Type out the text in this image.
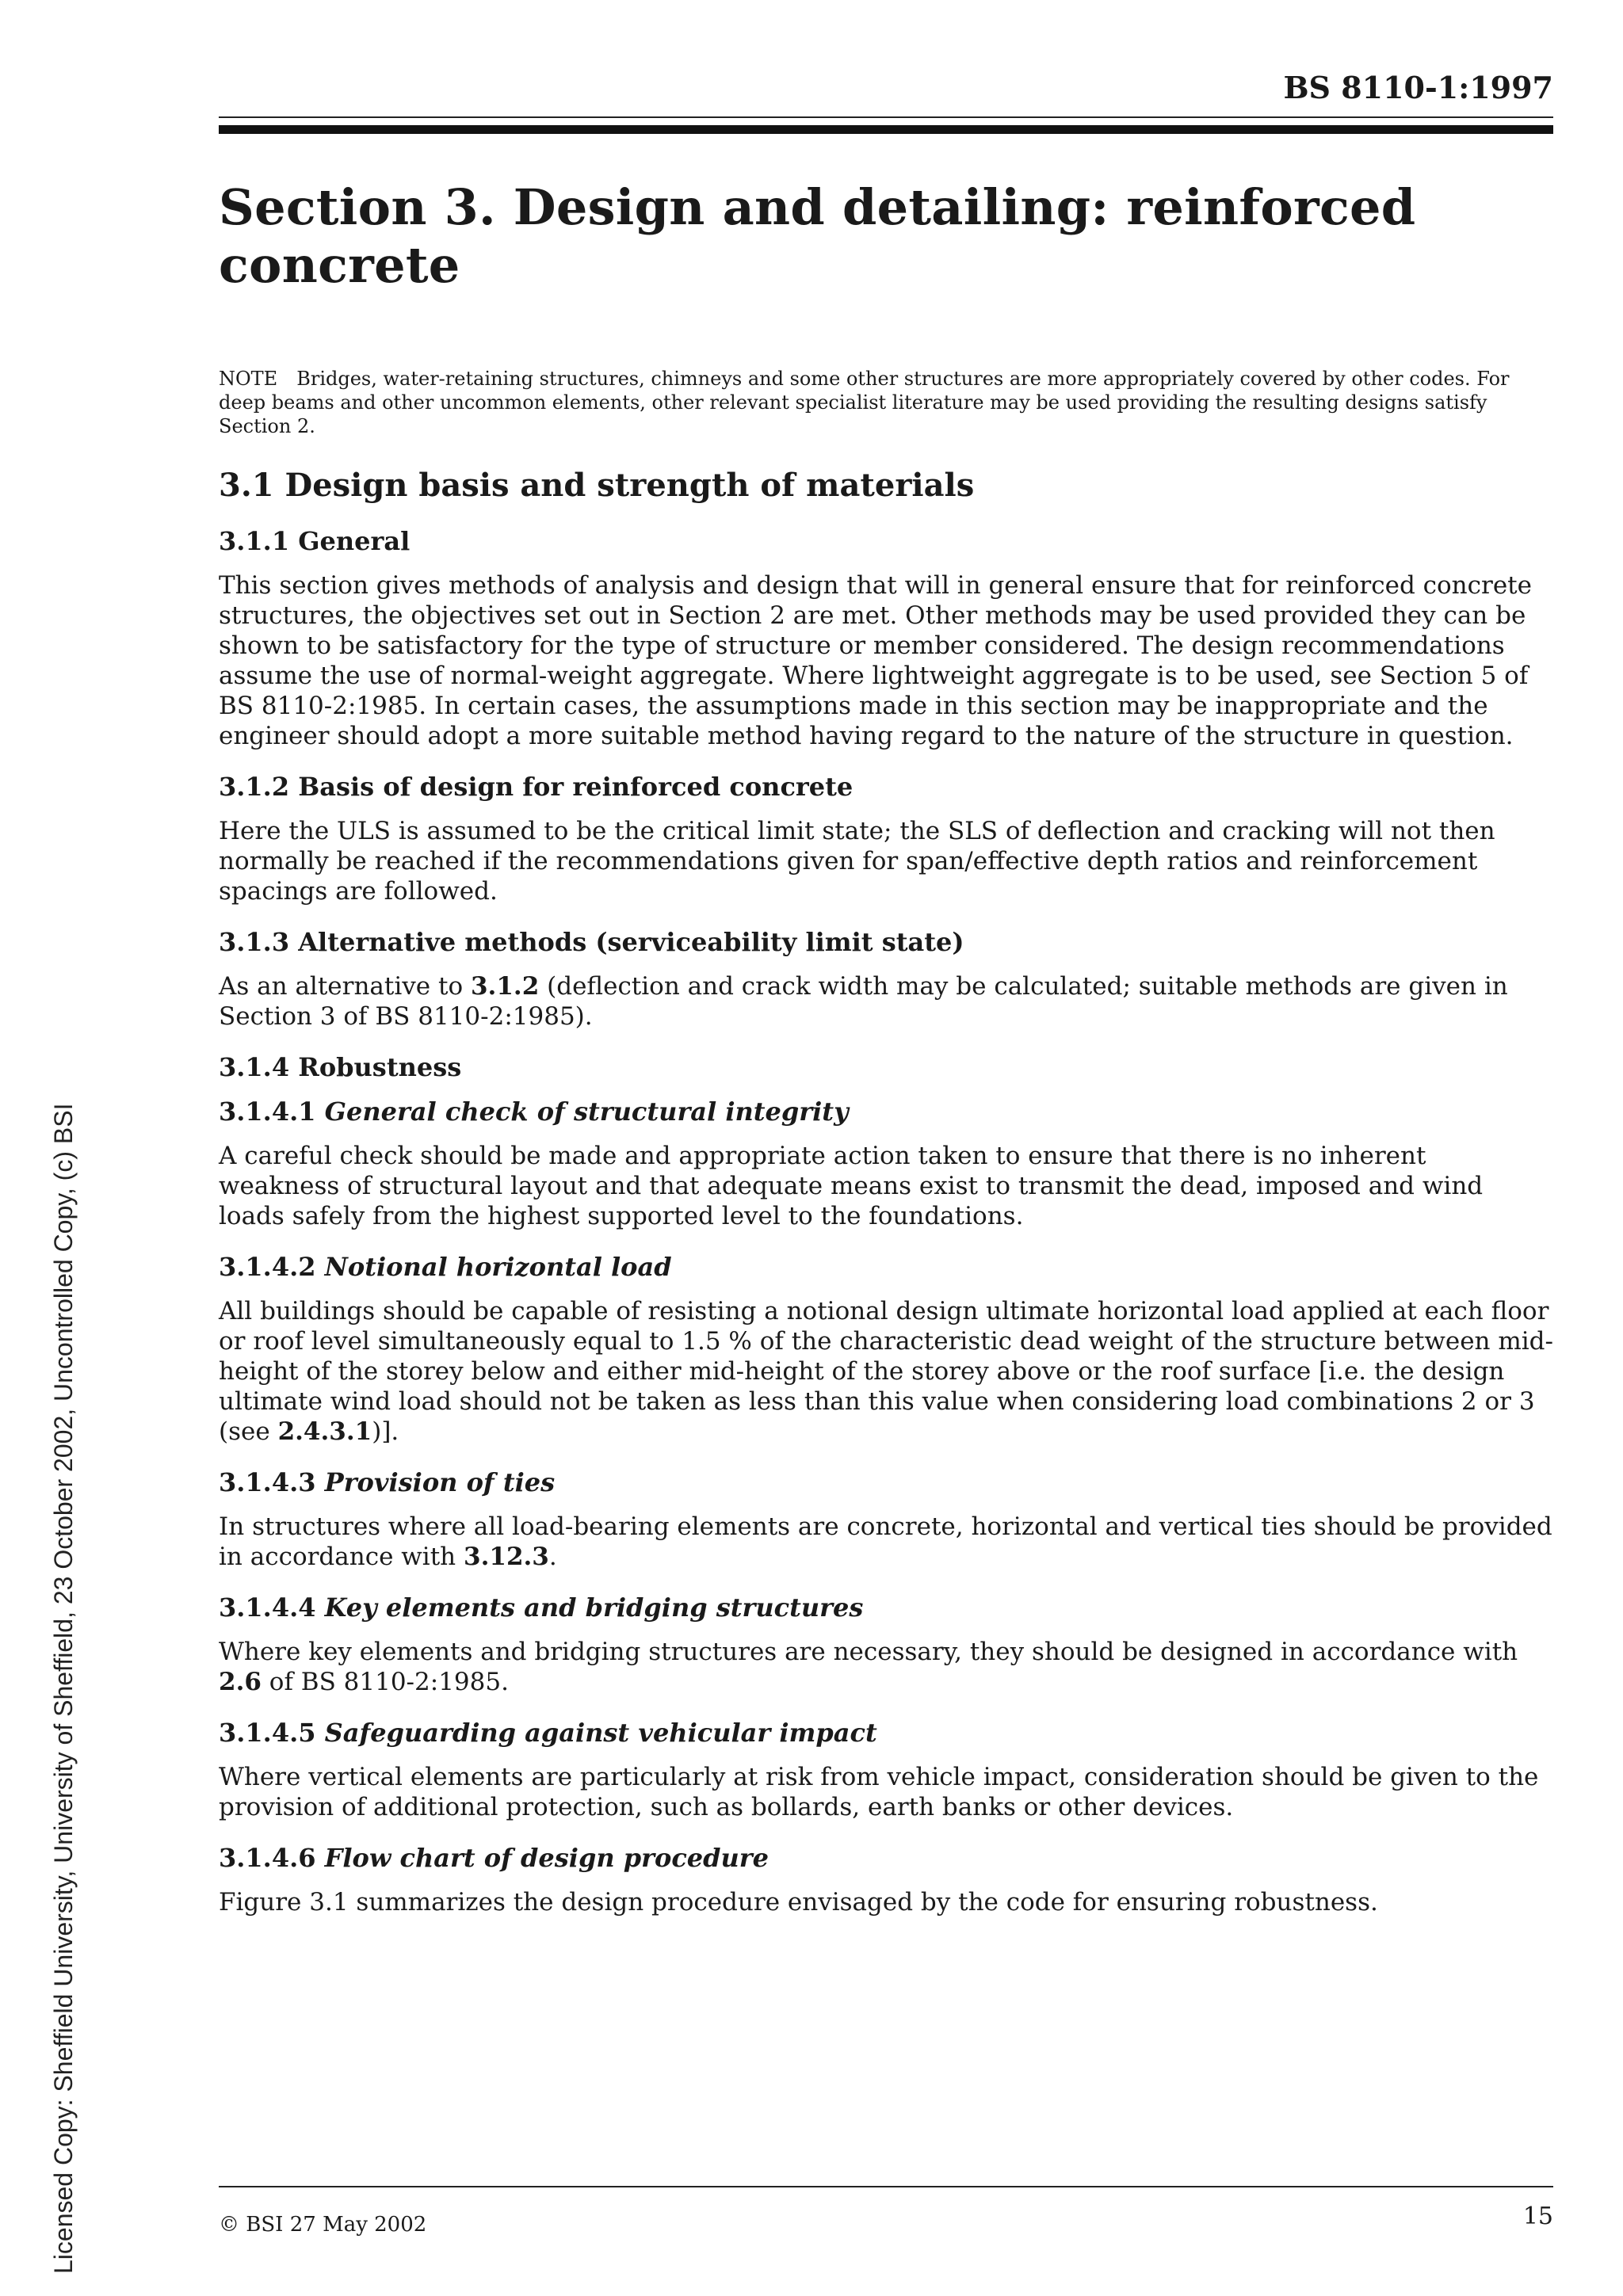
Licensed Copy: Sheffield University, University of Sheffield, 23 October 2002, Uncontrolled Copy, (c) BSI
BS 8110-1:1997
Section 3. Design and detailing: reinforced concrete

NOTE Bridges, water-retaining structures, chimneys and some other structures are more appropriately covered by other codes. For deep beams and other uncommon elements, other relevant specialist literature may be used providing the resulting designs satisfy Section 2.

3.1 Design basis and strength of materials
3.1.1 General

This section gives methods of analysis and design that will in general ensure that for reinforced concrete structures, the objectives set out in Section 2 are met. Other methods may be used provided they can be shown to be satisfactory for the type of structure or member considered. The design recommendations assume the use of normal-weight aggregate. Where lightweight aggregate is to be used, see Section 5 of BS 8110-2:1985. In certain cases, the assumptions made in this section may be inappropriate and the engineer should adopt a more suitable method having regard to the nature of the structure in question.

3.1.2 Basis of design for reinforced concrete

Here the ULS is assumed to be the critical limit state; the SLS of deflection and cracking will not then normally be reached if the recommendations given for span/effective depth ratios and reinforcement spacings are followed.

3.1.3 Alternative methods (serviceability limit state)

As an alternative to 3.1.2 (deflection and crack width may be calculated; suitable methods are given in Section 3 of BS 8110-2:1985).

3.1.4 Robustness
3.1.4.1 General check of structural integrity

A careful check should be made and appropriate action taken to ensure that there is no inherent weakness of structural layout and that adequate means exist to transmit the dead, imposed and wind loads safely from the highest supported level to the foundations.

3.1.4.2 Notional horizontal load

All buildings should be capable of resisting a notional design ultimate horizontal load applied at each floor or roof level simultaneously equal to 1.5 % of the characteristic dead weight of the structure between mid-height of the storey below and either mid-height of the storey above or the roof surface [i.e. the design ultimate wind load should not be taken as less than this value when considering load combinations 2 or 3 (see 2.4.3.1)].

3.1.4.3 Provision of ties

In structures where all load-bearing elements are concrete, horizontal and vertical ties should be provided in accordance with 3.12.3.

3.1.4.4 Key elements and bridging structures

Where key elements and bridging structures are necessary, they should be designed in accordance with 2.6 of BS 8110-2:1985.

3.1.4.5 Safeguarding against vehicular impact

Where vertical elements are particularly at risk from vehicle impact, consideration should be given to the provision of additional protection, such as bollards, earth banks or other devices.

3.1.4.6 Flow chart of design procedure

Figure 3.1 summarizes the design procedure envisaged by the code for ensuring robustness.

© BSI 27 May 2002	15
